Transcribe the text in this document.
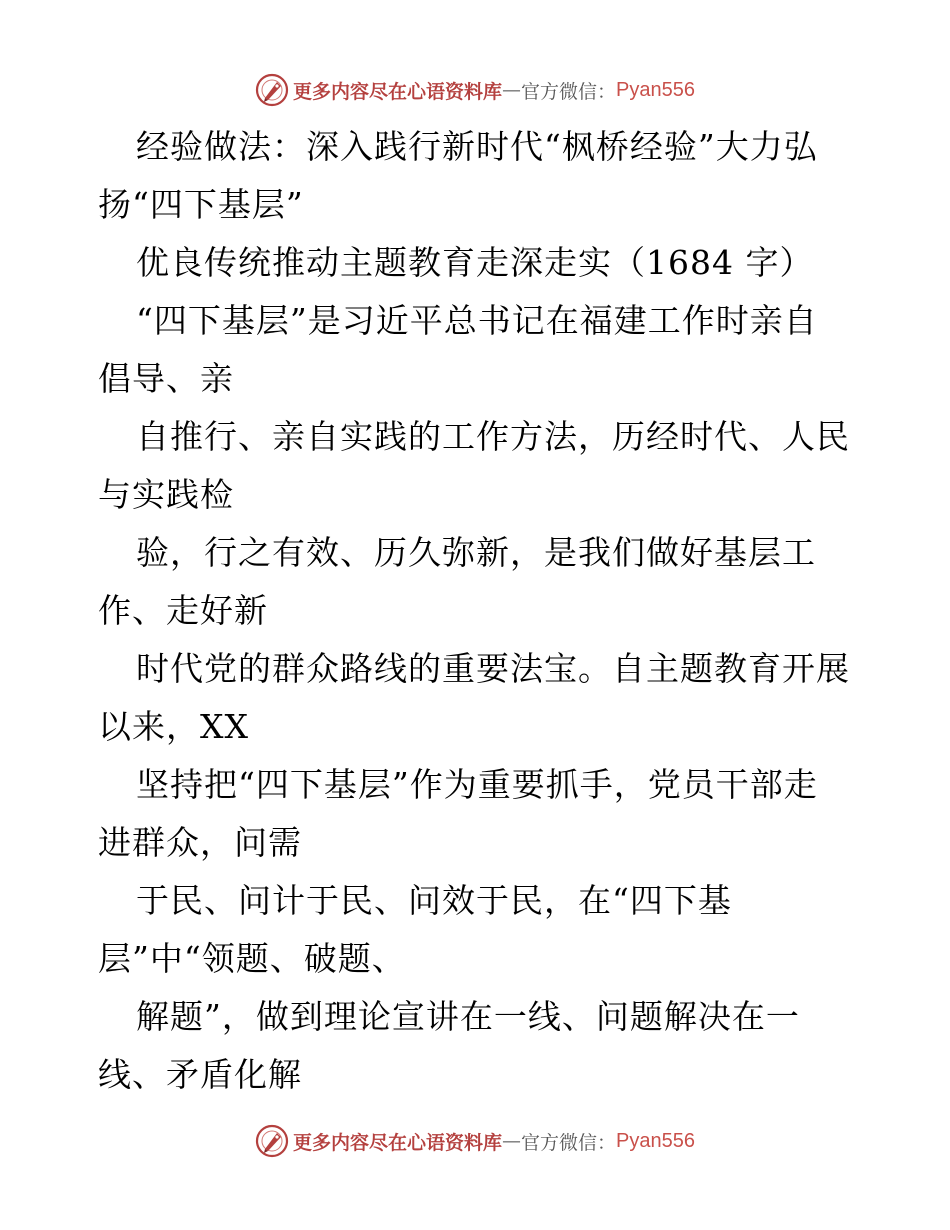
更多内容尽在心语资料库 — 官方微信： Pyan556
经验做法：深入践行新时代“枫桥经验”大力弘
扬“四下基层”
优良传统推动主题教育走深走实（1684 字）
“四下基层”是习近平总书记在福建工作时亲自
倡导、亲
自推行、亲自实践的工作方法，历经时代、人民
与实践检
验，行之有效、历久弥新，是我们做好基层工
作、走好新
时代党的群众路线的重要法宝。自主题教育开展
以来，XX
坚持把“四下基层”作为重要抓手，党员干部走
进群众，问需
于民、问计于民、问效于民，在“四下基
层”中“领题、破题、
解题”，做到理论宣讲在一线、问题解决在一
线、矛盾化解
更多内容尽在心语资料库 — 官方微信： Pyan556
